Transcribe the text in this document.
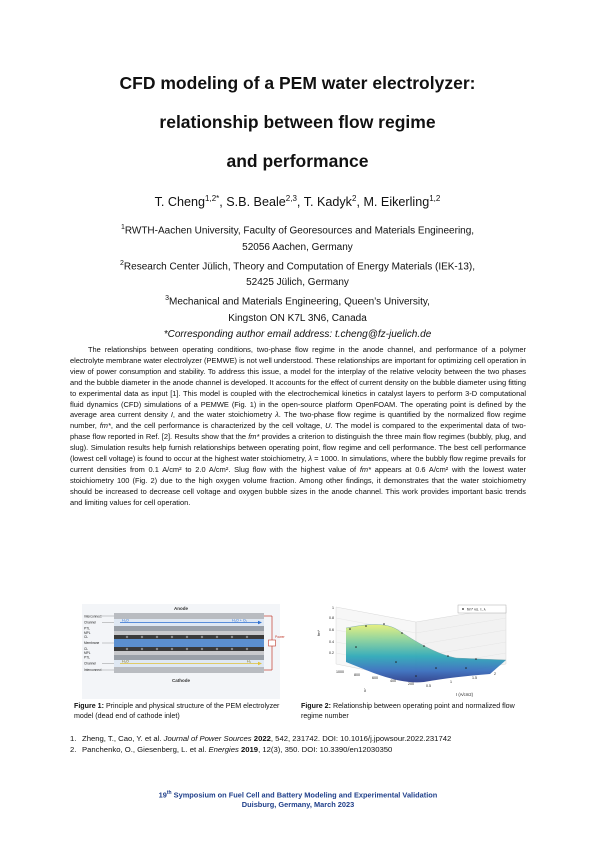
CFD modeling of a PEM water electrolyzer:
relationship between flow regime
and performance
T. Cheng$^{1,2*}$, S.B. Beale$^{2,3}$, T. Kadyk$^2$, M. Eikerling$^{1,2}$
$^1$RWTH-Aachen University, Faculty of Georesources and Materials Engineering,
52056 Aachen, Germany
$^2$Research Center Jülich, Theory and Computation of Energy Materials (IEK-13),
52425 Jülich, Germany
$^3$Mechanical and Materials Engineering, Queen’s University,
Kingston ON K7L 3N6, Canada
*Corresponding author email address: t.cheng@fz-juelich.de

The relationships between operating conditions, two-phase flow regime in the anode channel, and performance of a polymer electrolyte membrane water electrolyzer (PEMWE) is not well understood. These relationships are important for optimizing cell operation in view of power consumption and stability. To address this issue, a model for the interplay of the relative velocity between the two phases and the bubble diameter in the anode channel is developed. It accounts for the effect of current density on the bubble diameter using fitting to experimental data as input [1]. This model is coupled with the electrochemical kinetics in catalyst layers to perform 3-D computational fluid dynamics (CFD) simulations of a PEMWE (Fig. 1) in the open-source platform OpenFOAM. The operating point is defined by the average area current density I, and the water stoichiometry λ. The two-phase flow regime is quantified by the normalized flow regime number, fm*, and the cell performance is characterized by the cell voltage, U. The model is compared to the experimental data of two-phase flow reported in Ref. [2]. Results show that the fm* provides a criterion to distinguish the three main flow regimes (bubbly, plug, and slug). Simulation results help furnish relationships between operating point, flow regime and cell performance. The best cell performance (lowest cell voltage) is found to occur at the highest water stoichiometry, λ = 1000. In simulations, where the bubbly flow regime prevails for current densities from 0.1 A/cm² to 2.0 A/cm². Slug flow with the highest value of fm* appears at 0.6 A/cm² with the lowest water stoichiometry 100 (Fig. 2) due to the high oxygen volume fraction. Among other findings, it demonstrates that the water stoichiometry should be increased to decrease cell voltage and oxygen bubble sizes in the anode channel. This work provides important basic trends and limiting values for cell operation.

Anode
H₂O	H₂O + O₂
H₂O	H₂
Power
Interconnect
Channel
PTL
MPL
CL
Membrane
CL
MPL
PTL
Channel
Interconnect
Cathode
fm* vs. I, λ
fm*
0.2
0.4
0.6
0.8
1
200
400
600
800
1000
λ
0.5
1
1.5
2
I (A/cm2)
Figure 1: Principle and physical structure of the PEM electrolyzer model (dead end of cathode inlet)
Figure 2: Relationship between operating point and normalized flow regime number
1. Zheng, T., Cao, Y. et al. Journal of Power Sources 2022, 542, 231742. DOI: 10.1016/j.jpowsour.2022.231742
2. Panchenko, O., Giesenberg, L. et al. Energies 2019, 12(3), 350. DOI: 10.3390/en12030350
19th Symposium on Fuel Cell and Battery Modeling and Experimental Validation
Duisburg, Germany, March 2023
